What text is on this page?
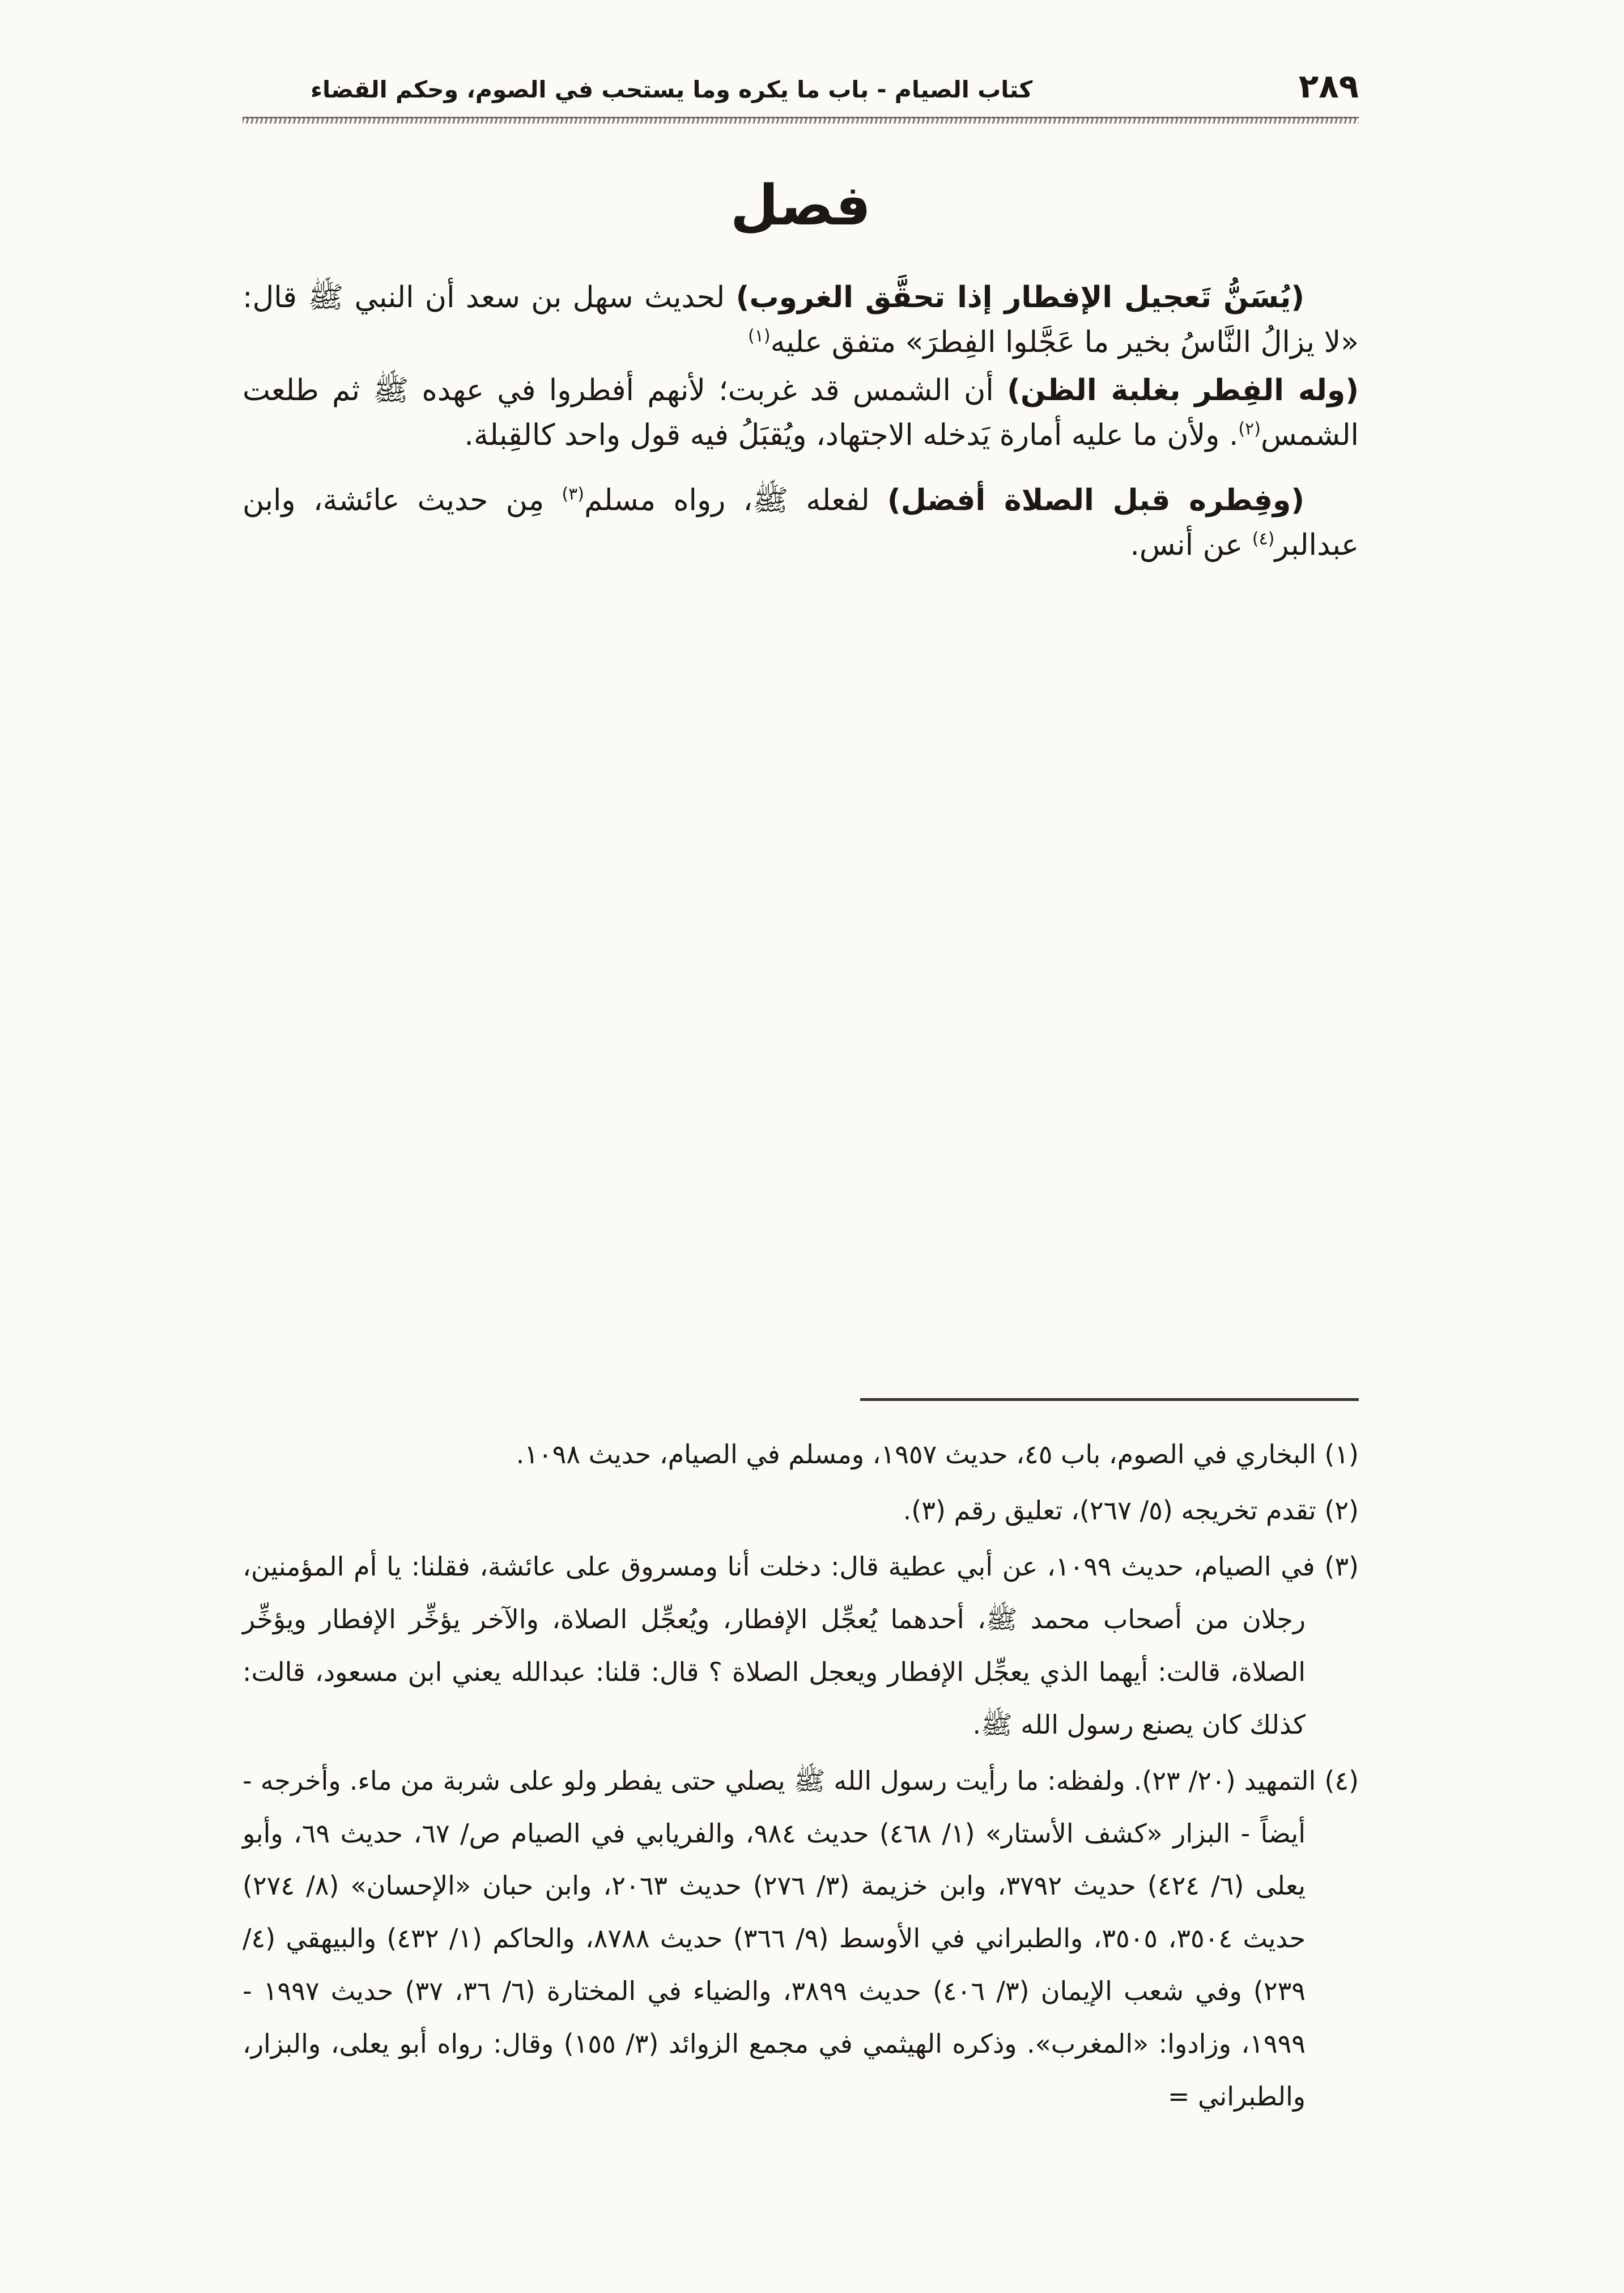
٢٨٩
كتاب الصيام - باب ما يكره وما يستحب في الصوم، وحكم القضاء
فصل

(يُسَنُّ تَعجيل الإفطار إذا تحقَّق الغروب) لحديث سهل بن سعد أن النبي ﷺ قال: «لا يزالُ النَّاسُ بخير ما عَجَّلوا الفِطرَ» متفق عليه$^{(١)}$

(وله الفِطر بغلبة الظن) أن الشمس قد غربت؛ لأنهم أفطروا في عهده ﷺ ثم طلعت الشمس$^{(٢)}$. ولأن ما عليه أمارة يَدخله الاجتهاد، ويُقبَلُ فيه قول واحد كالقِبلة.

(وفِطره قبل الصلاة أفضل) لفعله ﷺ، رواه مسلم$^{(٣)}$ مِن حديث عائشة، وابن عبدالبر$^{(٤)}$ عن أنس.

(١) البخاري في الصوم، باب ٤٥، حديث ١٩٥٧، ومسلم في الصيام، حديث ١٠٩٨.
(٢) تقدم تخريجه (٥/ ٢٦٧)، تعليق رقم (٣).
(٣) في الصيام، حديث ١٠٩٩، عن أبي عطية قال: دخلت أنا ومسروق على عائشة، فقلنا: يا أم المؤمنين، رجلان من أصحاب محمد ﷺ، أحدهما يُعجِّل الإفطار، ويُعجِّل الصلاة، والآخر يؤخِّر الإفطار ويؤخِّر الصلاة، قالت: أيهما الذي يعجِّل الإفطار ويعجل الصلاة ؟ قال: قلنا: عبدالله يعني ابن مسعود، قالت: كذلك كان يصنع رسول الله ﷺ.
(٤) التمهيد (٢٠/ ٢٣). ولفظه: ما رأيت رسول الله ﷺ يصلي حتى يفطر ولو على شربة من ماء. وأخرجه - أيضاً - البزار «كشف الأستار» (١/ ٤٦٨) حديث ٩٨٤، والفريابي في الصيام ص/ ٦٧، حديث ٦٩، وأبو يعلى (٦/ ٤٢٤) حديث ٣٧٩٢، وابن خزيمة (٣/ ٢٧٦) حديث ٢٠٦٣، وابن حبان «الإحسان» (٨/ ٢٧٤) حديث ٣٥٠٤، ٣٥٠٥، والطبراني في الأوسط (٩/ ٣٦٦) حديث ٨٧٨٨، والحاكم (١/ ٤٣٢) والبيهقي (٤/ ٢٣٩) وفي شعب الإيمان (٣/ ٤٠٦) حديث ٣٨٩٩، والضياء في المختارة (٦/ ٣٦، ٣٧) حديث ١٩٩٧ - ١٩٩٩، وزادوا: «المغرب». وذكره الهيثمي في مجمع الزوائد (٣/ ١٥٥) وقال: رواه أبو يعلى، والبزار، والطبراني =
